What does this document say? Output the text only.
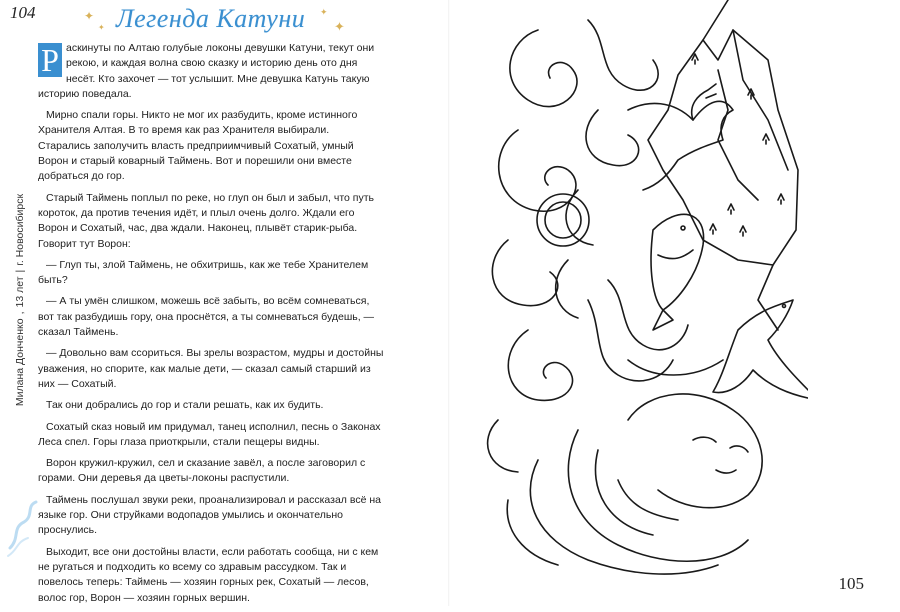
104	✦
✦
✦
✦
Легенда Катуни
Милана Донченко,13 лет|г. Новосибирск

Р аскинуты по Алтаю голубые локоны девушки Катуни, текут они рекою, и каждая волна свою сказку и историю день ото дня несёт. Кто захочет — тот услышит. Мне девушка Катунь такую историю поведала.

Мирно спали горы. Никто не мог их разбудить, кроме истинного Хранителя Алтая. В то время как раз Хранителя выбирали. Старались заполучить власть предприимчивый Сохатый, умный Ворон и старый коварный Таймень. Вот и порешили они вместе добраться до гор.

Старый Таймень поплыл по реке, но глуп он был и забыл, что путь короток, да против течения идёт, и плыл очень долго. Ждали его Ворон и Сохатый, час, два ждали. Наконец, плывёт старик-рыба. Говорит тут Ворон:

— Глуп ты, злой Таймень, не обхитришь, как же тебе Хранителем быть?

— А ты умён слишком, можешь всё забыть, во всём сомневаться, вот так разбудишь гору, она проснётся, а ты сомневаться будешь, — сказал Таймень.

— Довольно вам ссориться. Вы зрелы возрастом, мудры и достойны уважения, но спорите, как малые дети, — сказал самый старший из них — Сохатый.

Так они добрались до гор и стали решать, как их будить.

Сохатый сказ новый им придумал, танец исполнил, песнь о Законах Леса спел. Горы глаза приоткрыли, стали пещеры видны.

Ворон кружил-кружил, сел и сказание завёл, а после заговорил с горами. Они деревья да цветы-локоны распустили.

Таймень послушал звуки реки, проанализировал и рассказал всё на языке гор. Они струйками водопадов умылись и окончательно проснулись.

Выходит, все они достойны власти, если работать сообща, ни с кем не ругаться и подходить ко всему со здравым рассудком. Так и повелось теперь: Таймень — хозяин горных рек, Сохатый — лесов, волос гор, Ворон — хозяин горных вершин.

105
